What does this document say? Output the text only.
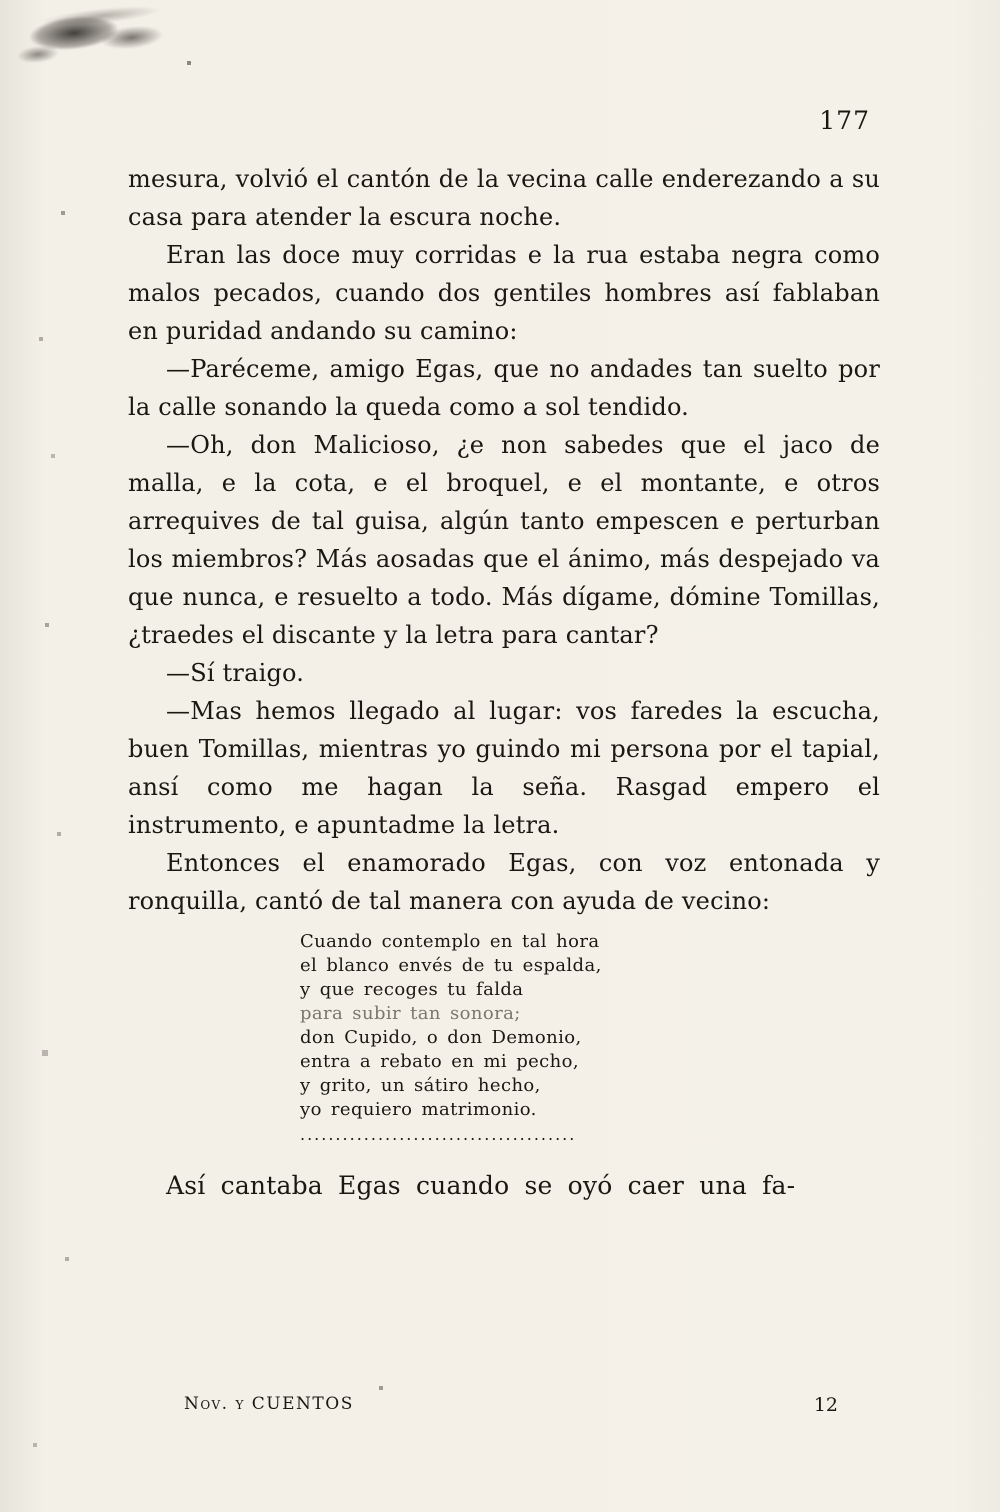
177

mesura, volvió el cantón de la vecina calle enderezando a su casa para atender la escura noche.

Eran las doce muy corridas e la rua estaba negra como malos pecados, cuando dos gentiles hombres así fablaban en puridad andando su camino:

—Paréceme, amigo Egas, que no andades tan suelto por la calle sonando la queda como a sol tendido.

—Oh, don Malicioso, ¿e non sabedes que el jaco de malla, e la cota, e el broquel, e el montante, e otros arrequives de tal guisa, algún tanto empescen e perturban los miembros? Más aosadas que el ánimo, más despejado va que nunca, e resuelto a todo. Más dígame, dómine Tomillas, ¿traedes el discante y la letra para cantar?

—Sí traigo.

—Mas hemos llegado al lugar: vos faredes la escucha, buen Tomillas, mientras yo guindo mi persona por el tapial, ansí como me hagan la seña. Rasgad empero el instrumento, e apuntadme la letra.

Entonces el enamorado Egas, con voz entonada y ronquilla, cantó de tal manera con ayuda de vecino:

Cuando contemplo en tal hora
el blanco envés de tu espalda,
y que recoges tu falda
para subir tan sonora;
don Cupido, o don Demonio,
entra a rebato en mi pecho,
y grito, un sátiro hecho,
yo requiero matrimonio.
.......................................

Así cantaba Egas cuando se oyó caer una fa-

Nov. y CUENTOS	12
